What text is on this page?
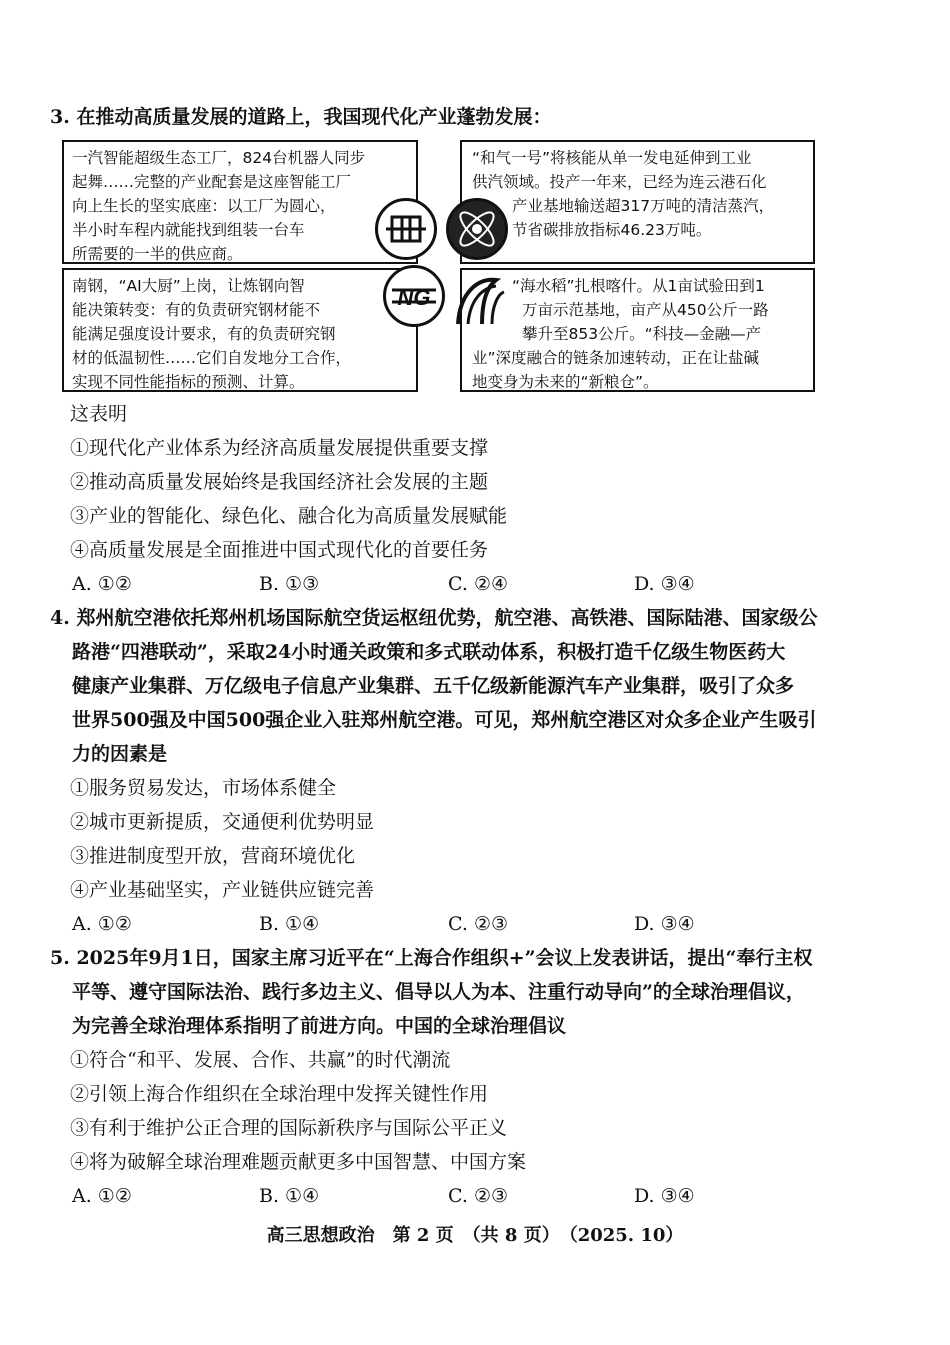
3. 在推动高质量发展的道路上，我国现代化产业蓬勃发展：
一汽智能超级生态工厂，824台机器人同步
起舞……完整的产业配套是这座智能工厂
向上生长的坚实底座：以工厂为圆心，
半小时车程内就能找到组装一台车
所需要的一半的供应商。
“和气一号”将核能从单一发电延伸到工业
供汽领域。投产一年来，已经为连云港石化
产业基地输送超317万吨的清洁蒸汽，
节省碳排放指标46.23万吨。
南钢，“AI大厨”上岗，让炼钢向智
能决策转变：有的负责研究钢材能不
能满足强度设计要求，有的负责研究钢
材的低温韧性……它们自发地分工合作，
实现不同性能指标的预测、计算。
“海水稻”扎根喀什。从1亩试验田到1
万亩示范基地，亩产从450公斤一路
攀升至853公斤。“科技—金融—产
业”深度融合的链条加速转动，正在让盐碱
地变身为未来的“新粮仓”。
NG
这表明
①现代化产业体系为经济高质量发展提供重要支撑
②推动高质量发展始终是我国经济社会发展的主题
③产业的智能化、绿色化、融合化为高质量发展赋能
④高质量发展是全面推进中国式现代化的首要任务
A. ①②	B. ①③	C. ②④	D. ③④
4. 郑州航空港依托郑州机场国际航空货运枢纽优势，航空港、高铁港、国际陆港、国家级公
路港“四港联动”，采取24小时通关政策和多式联动体系，积极打造千亿级生物医药大
健康产业集群、万亿级电子信息产业集群、五千亿级新能源汽车产业集群，吸引了众多
世界500强及中国500强企业入驻郑州航空港。可见，郑州航空港区对众多企业产生吸引
力的因素是
①服务贸易发达，市场体系健全
②城市更新提质，交通便利优势明显
③推进制度型开放，营商环境优化
④产业基础坚实，产业链供应链完善
A. ①②	B. ①④	C. ②③	D. ③④
5. 2025年9月1日，国家主席习近平在“上海合作组织+”会议上发表讲话，提出“奉行主权
平等、遵守国际法治、践行多边主义、倡导以人为本、注重行动导向”的全球治理倡议，
为完善全球治理体系指明了前进方向。中国的全球治理倡议
①符合“和平、发展、合作、共赢”的时代潮流
②引领上海合作组织在全球治理中发挥关键性作用
③有利于维护公正合理的国际新秩序与国际公平正义
④将为破解全球治理难题贡献更多中国智慧、中国方案
A. ①②	B. ①④	C. ②③	D. ③④
高三思想政治　第 2 页　（共 8 页）　（2025. 10）
